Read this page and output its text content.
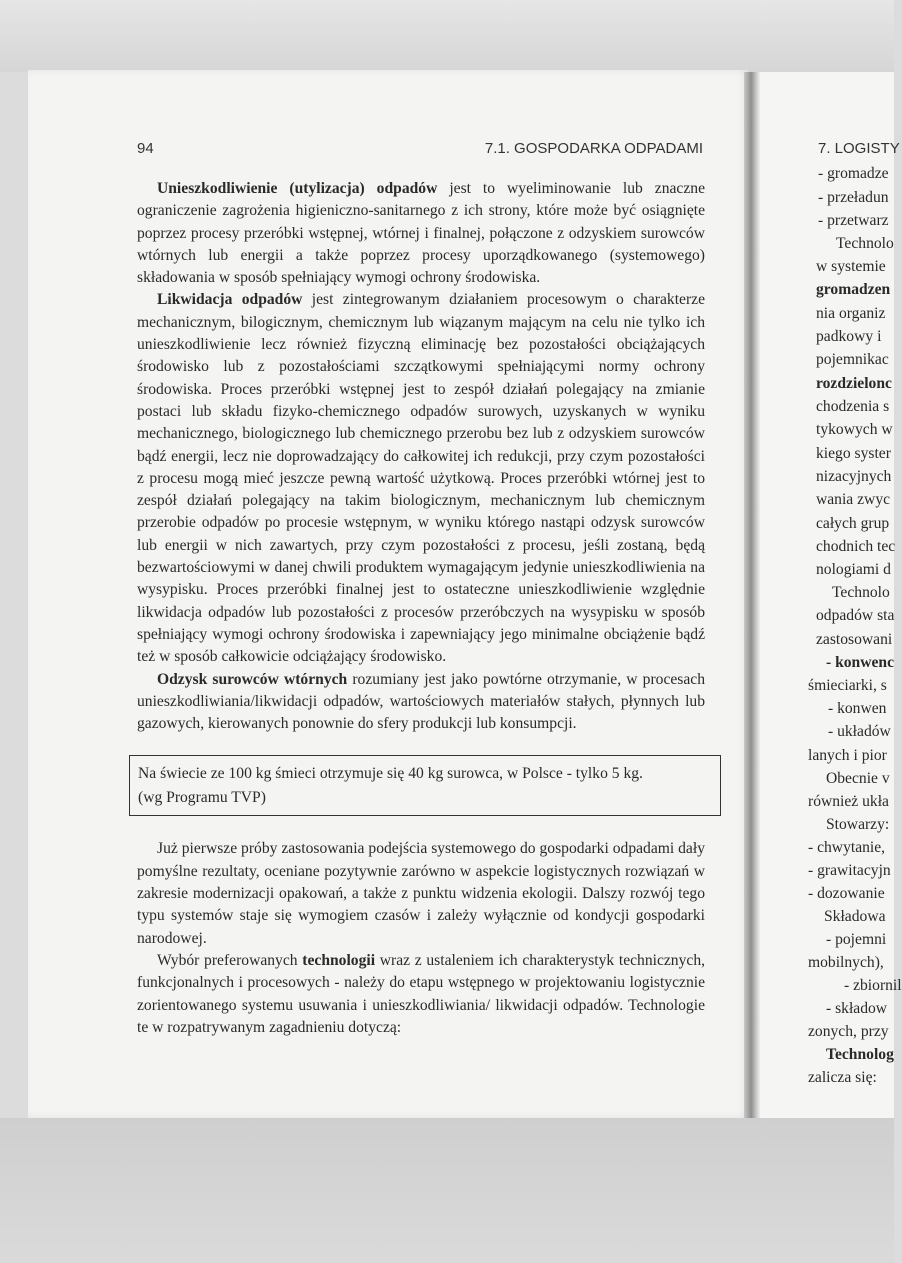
94	7.1. GOSPODARKA ODPADAMI

Unieszkodliwienie (utylizacja) odpadów jest to wyeliminowanie lub znaczne ograniczenie zagrożenia higieniczno-sanitarnego z ich strony, które może być osiągnięte poprzez procesy przeróbki wstępnej, wtórnej i finalnej, połączone z odzyskiem surowców wtórnych lub energii a także poprzez procesy uporządkowanego (systemowego) składowania w sposób spełniający wymogi ochrony środowiska.

Likwidacja odpadów jest zintegrowanym działaniem procesowym o charakterze mechanicznym, bilogicznym, chemicznym lub wiązanym mającym na celu nie tylko ich unieszkodliwienie lecz również fizyczną eliminację bez pozostałości obciążających środowisko lub z pozostałościami szczątkowymi spełniającymi normy ochrony środowiska. Proces przeróbki wstępnej jest to zespół działań polegający na zmianie postaci lub składu fizyko-chemicznego odpadów surowych, uzyskanych w wyniku mechanicznego, biologicznego lub chemicznego przerobu bez lub z odzyskiem surowców bądź energii, lecz nie doprowadzający do całkowitej ich redukcji, przy czym pozostałości z procesu mogą mieć jeszcze pewną wartość użytkową. Proces przeróbki wtórnej jest to zespół działań polegający na takim biologicznym, mechanicznym lub chemicznym przerobie odpadów po procesie wstępnym, w wyniku którego nastąpi odzysk surowców lub energii w nich zawartych, przy czym pozostałości z procesu, jeśli zostaną, będą bezwartościowymi w danej chwili produktem wymagającym jedynie unieszkodliwienia na wysypisku. Proces przeróbki finalnej jest to ostateczne unieszkodliwienie względnie likwidacja odpadów lub pozostałości z procesów przeróbczych na wysypisku w sposób spełniający wymogi ochrony środowiska i zapewniający jego minimalne obciążenie bądź też w sposób całkowicie odciążający środowisko.

Odzysk surowców wtórnych rozumiany jest jako powtórne otrzymanie, w procesach unieszkodliwiania/likwidacji odpadów, wartościowych materiałów stałych, płynnych lub gazowych, kierowanych ponownie do sfery produkcji lub konsumpcji.

Na świecie ze 100 kg śmieci otrzymuje się 40 kg surowca, w Polsce - tylko 5 kg.
(wg Programu TVP)

Już pierwsze próby zastosowania podejścia systemowego do gospodarki odpadami dały pomyślne rezultaty, oceniane pozytywnie zarówno w aspekcie logistycznych rozwiązań w zakresie modernizacji opakowań, a także z punktu widzenia ekologii. Dalszy rozwój tego typu systemów staje się wymogiem czasów i zależy wyłącznie od kondycji gospodarki narodowej.

Wybór preferowanych technologii wraz z ustaleniem ich charakterystyk technicznych, funkcjonalnych i procesowych - należy do etapu wstępnego w projektowaniu logistycznie zorientowanego systemu usuwania i unieszkodliwiania/ likwidacji odpadów. Technologie te w rozpatrywanym zagadnieniu dotyczą:

7. LOGISTY
- gromadze
- przeładun
- przetwarz
Technolo
w systemie
gromadzen
nia organiz
padkowy i
pojemnikac
rozdzielonc
chodzenia s
tykowych w
kiego syster
nizacyjnych
wania zwyc
całych grup
chodnich tec
nologiami d
Technolo
odpadów sta
zastosowani
- konwenc
śmieciarki, s
- konwen
- układów
lanych i pior
Obecnie v
również ukła
Stowarzy:
- chwytanie,
- grawitacyjn
- dozowanie
Składowa
- pojemni
mobilnych),
- zbiornil
- składow
zonych, przy
Technolog
zalicza się:
